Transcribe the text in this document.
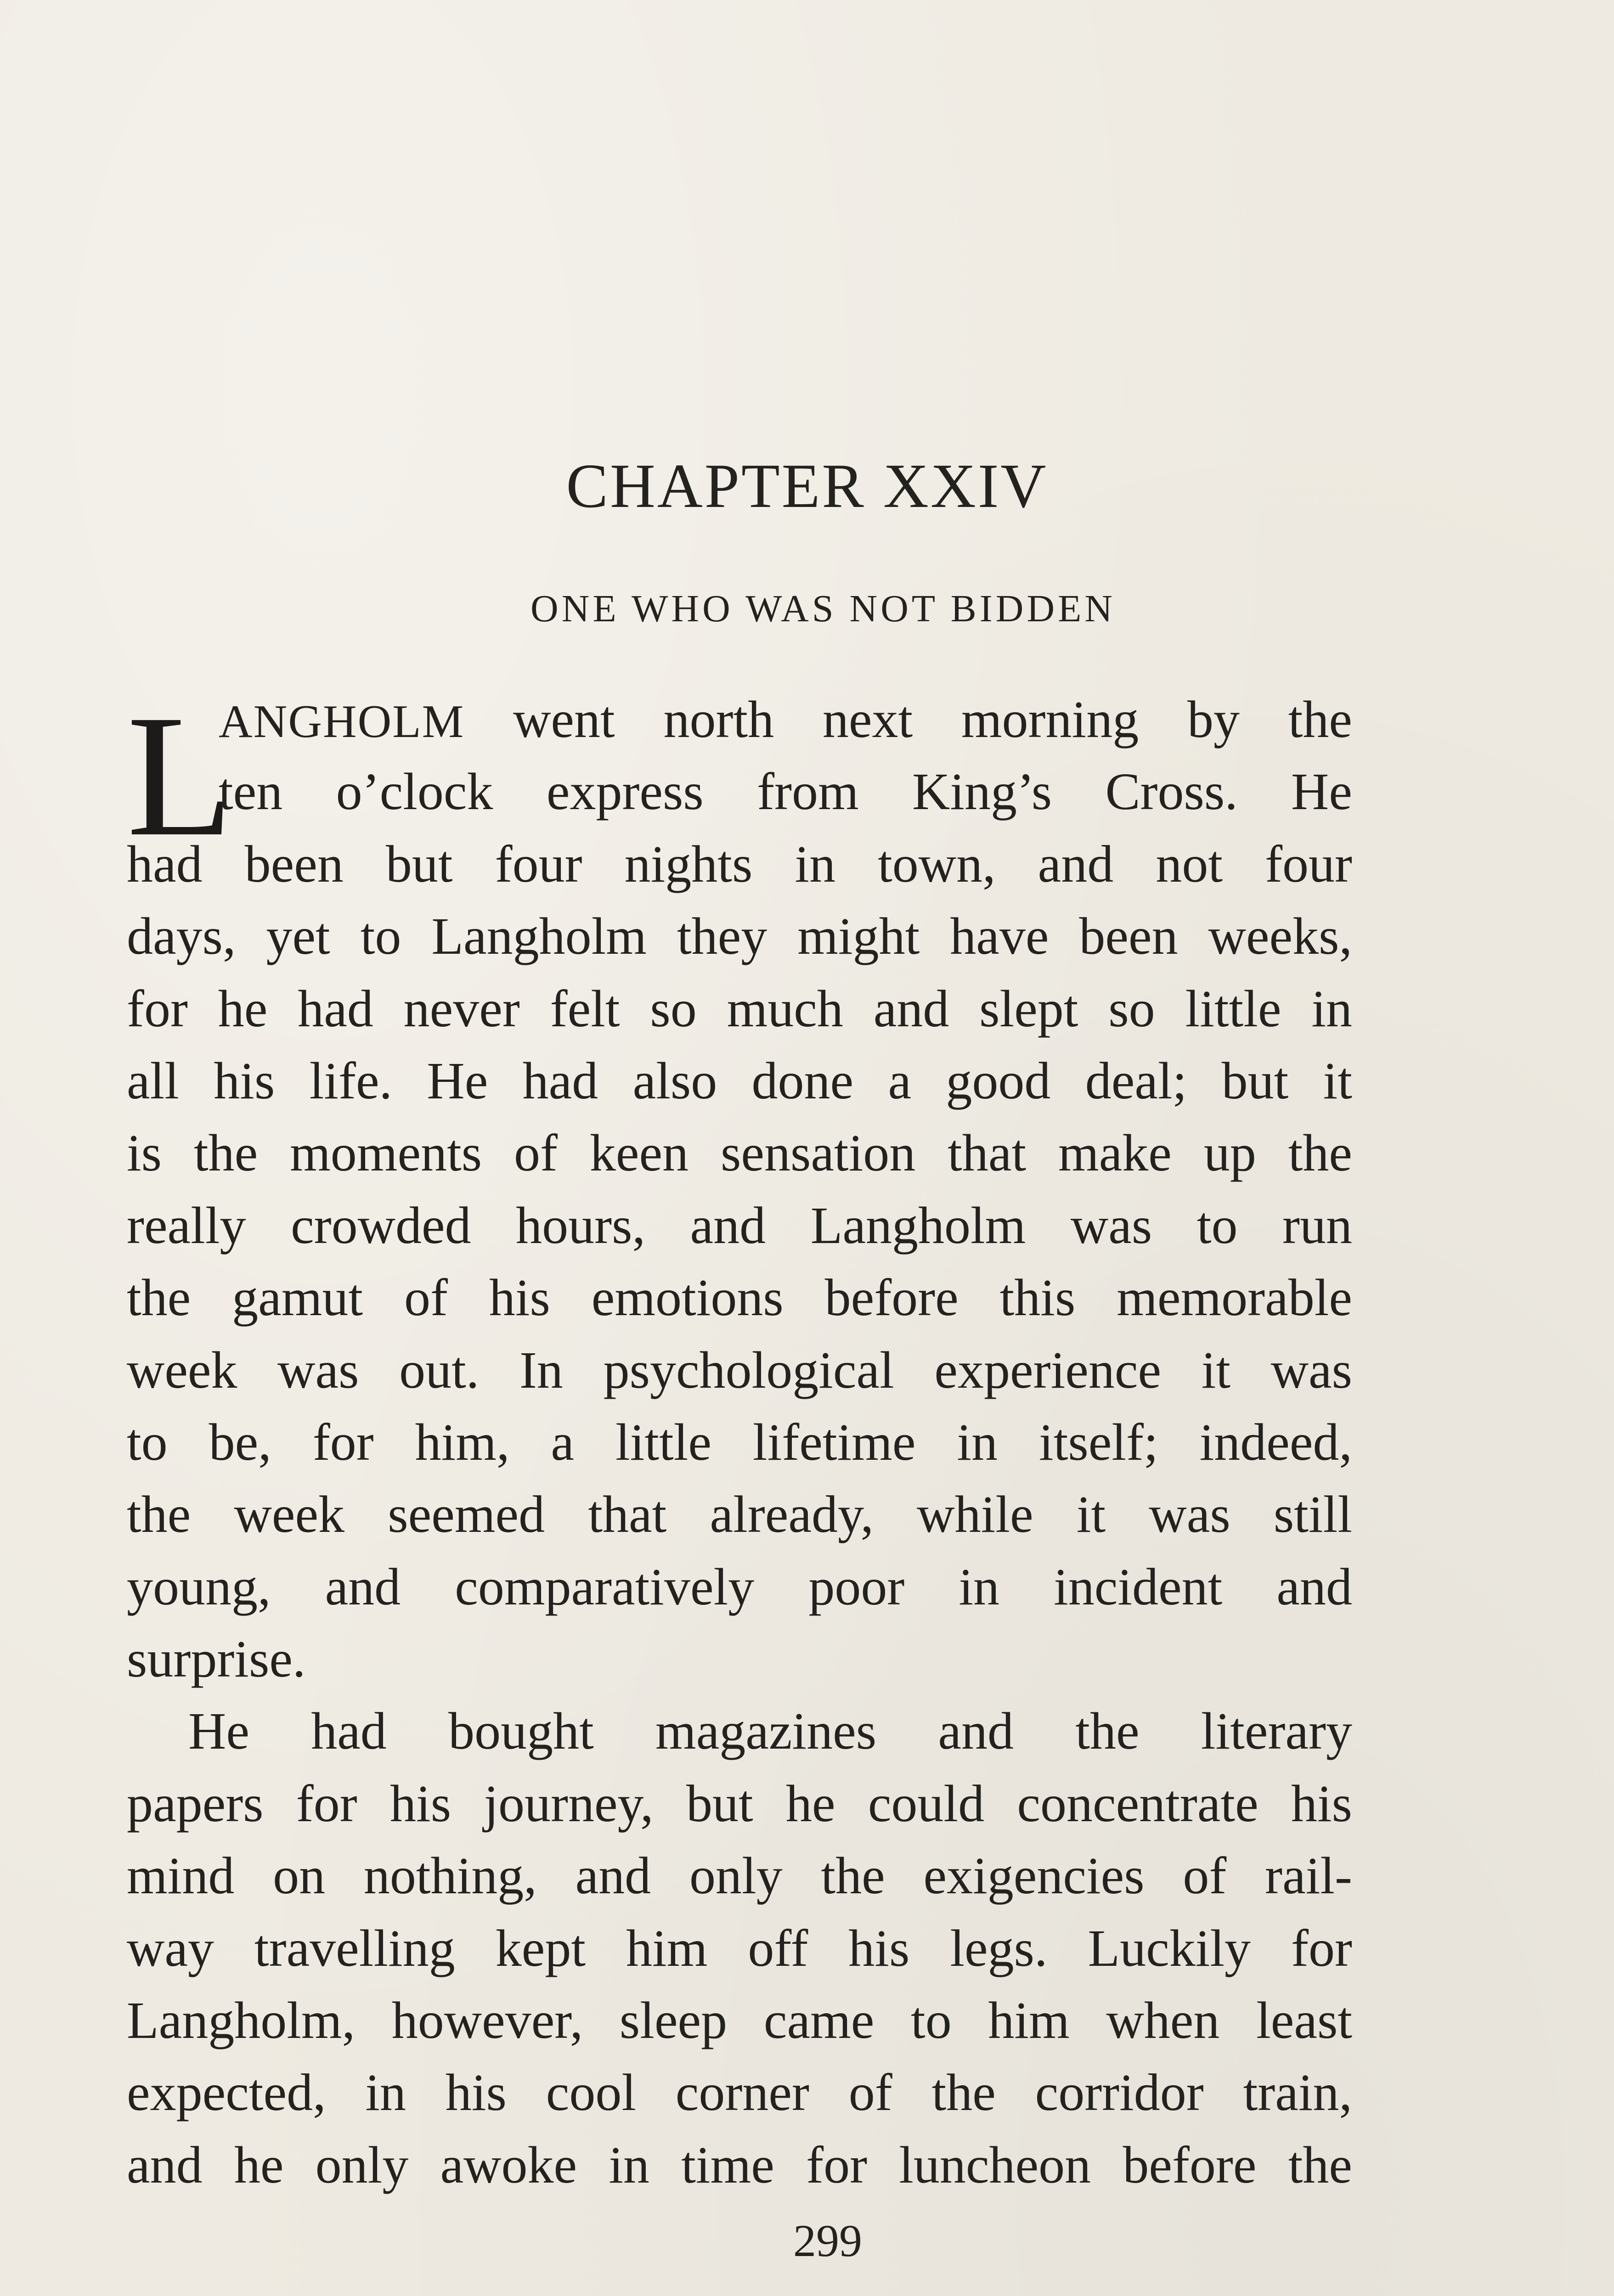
CHAPTER XXIV
ONE WHO WAS NOT BIDDEN
L
ANGHOLM went north next morning by the
ten o’clock express from King’s Cross. He
had been but four nights in town, and not four
days, yet to Langholm they might have been weeks,
for he had never felt so much and slept so little in
all his life. He had also done a good deal; but it
is the moments of keen sensation that make up the
really crowded hours, and Langholm was to run
the gamut of his emotions before this memorable
week was out. In psychological experience it was
to be, for him, a little lifetime in itself; indeed,
the week seemed that already, while it was still
young, and comparatively poor in incident and
surprise.
He had bought magazines and the literary
papers for his journey, but he could concentrate his
mind on nothing, and only the exigencies of rail-
way travelling kept him off his legs. Luckily for
Langholm, however, sleep came to him when least
expected, in his cool corner of the corridor train,
and he only awoke in time for luncheon before the
299
